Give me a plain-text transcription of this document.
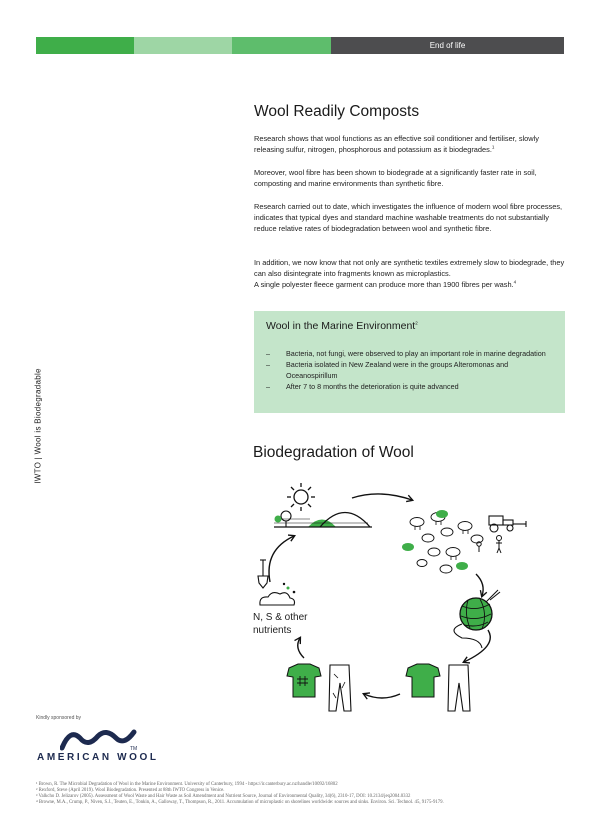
End of life
IWTO | Wool is Biodegradable
Wool Readily Composts

Research shows that wool functions as an effective soil conditioner and fertiliser, slowly releasing sulfur, nitrogen, phosphorous and potassium as it biodegrades.$^1$

Moreover, wool fibre has been shown to biodegrade at a significantly faster rate in soil, composting and marine environments than synthetic fibre.

Research carried out to date, which investigates the influence of modern wool fibre processes, indicates that typical dyes and standard machine washable treatments do not substantially reduce relative rates of biodegradation between wool and synthetic fibre.

In addition, we now know that not only are synthetic textiles extremely slow to biodegrade, they can also disintegrate into fragments known as microplastics.
A single polyester fleece garment can produce more than 1900 fibres per wash.$^4$

Wool in the Marine Environment$^2$
– Bacteria, not fungi, were observed to play an important role in marine degradation
– Bacteria isolated in New Zealand were in the groups Alteromonas and Oceanospirillum
– After 7 to 8 months the deterioration is quite advanced
Biodegradation of Wool
N, S & other
nutrients
Kindly sponsored by
TM
AMERICAN WOOL
¹ Brown, R. The Microbial Degradation of Wool in the Marine Environment. University of Canterbury, 1994 - https://ir.canterbury.ac.nz/handle/10092/16802
² Rexford, Steve (April 2019). Wool Biodegradation. Presented at 88th IWTO Congress in Venice.
³ Valkcho D. Jelizarov (2005). Assessment of Wool Waste and Hair Waste as Soil Amendment and Nutrient Source, Journal of Environmental Quality, 34(6), 2310-17, DOI: 10.2134/jeq2004.0332
⁴ Browne, M.A., Crump, P., Niven, S.J., Teuten, E., Tonkin, A., Galloway, T., Thompson, R., 2011. Accumulation of microplastic on shorelines worldwide: sources and sinks. Environ. Sci. Technol. 45, 9175-9179.
